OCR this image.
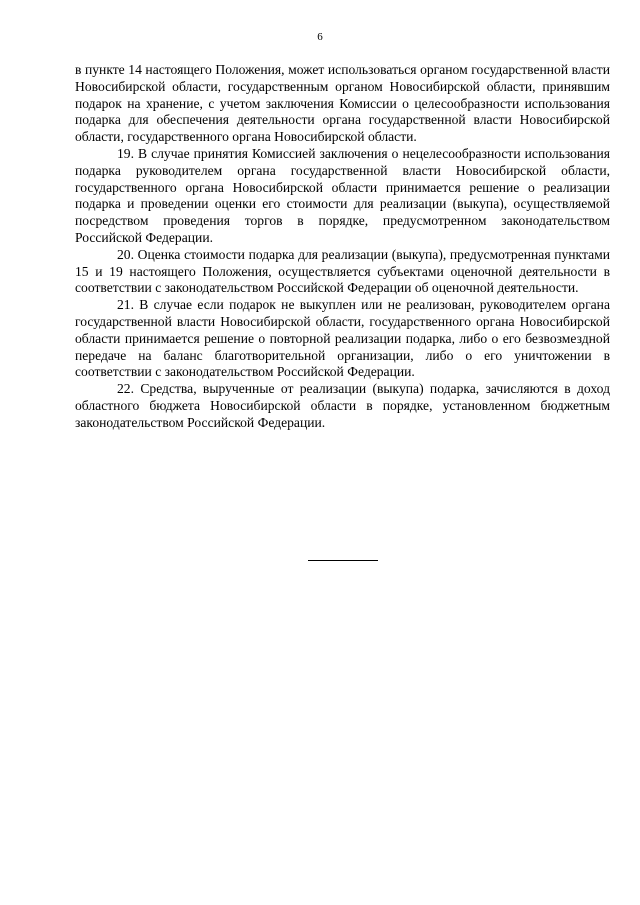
6

в пункте 14 настоящего Положения, может использоваться органом государственной власти Новосибирской области, государственным органом Новосибирской области, принявшим подарок на хранение, с учетом заключения Комиссии о целесообразности использования подарка для обеспечения деятельности органа государственной власти Новосибирской области, государственного органа Новосибирской области.

19. В случае принятия Комиссией заключения о нецелесообразности использования подарка руководителем органа государственной власти Новосибирской области, государственного органа Новосибирской области принимается решение о реализации подарка и проведении оценки его стоимости для реализации (выкупа), осуществляемой посредством проведения торгов в порядке, предусмотренном законодательством Российской Федерации.

20. Оценка стоимости подарка для реализации (выкупа), предусмотренная пунктами 15 и 19 настоящего Положения, осуществляется субъектами оценочной деятельности в соответствии с законодательством Российской Федерации об оценочной деятельности.

21. В случае если подарок не выкуплен или не реализован, руководителем органа государственной власти Новосибирской области, государственного органа Новосибирской области принимается решение о повторной реализации подарка, либо о его безвозмездной передаче на баланс благотворительной организации, либо о его уничтожении в соответствии с законодательством Российской Федерации.

22. Средства, вырученные от реализации (выкупа) подарка, зачисляются в доход областного бюджета Новосибирской области в порядке, установленном бюджетным законодательством Российской Федерации.
